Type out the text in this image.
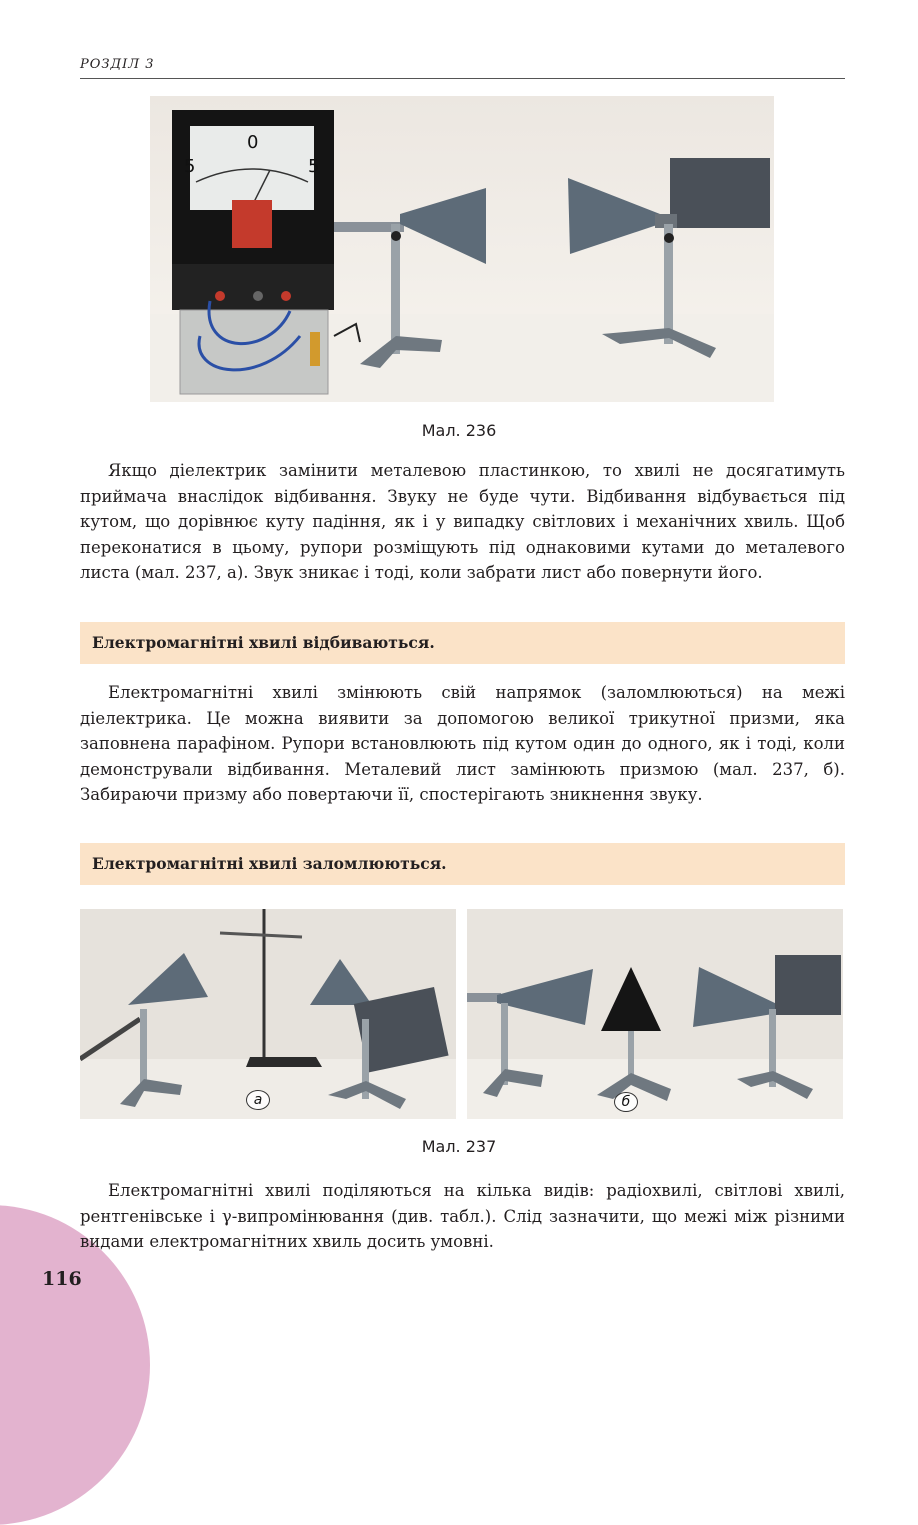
РОЗДІЛ 3
5
0
5
Мал. 236
Якщо діелектрик замінити металевою пластинкою, то хвилі не досягатимуть приймача внаслідок відбивання. Звуку не буде чути. Відбивання відбувається під кутом, що дорівнює куту падіння, як і у випадку світлових і механічних хвиль. Щоб переконатися в цьому, рупори розміщують під однаковими кутами до металевого листа (мал. 237, а). Звук зникає і тоді, коли забрати лист або повернути його.
Електромагнітні хвилі відбиваються.
Електромагнітні хвилі змінюють свій напрямок (заломлюються) на межі діелектрика. Це можна виявити за допомогою великої трикутної призми, яка заповнена парафіном. Рупори встановлюють під кутом один до одного, як і тоді, коли демонстрували відбивання. Металевий лист замінюють призмою (мал. 237, б). Забираючи призму або повертаючи її, спостерігають зникнення звуку.
Електромагнітні хвилі заломлюються.
а	б
Мал. 237
Електромагнітні хвилі поділяються на кілька видів: радіохвилі, світлові хвилі, рентгенівське і γ-випромінювання (див. табл.). Слід зазначити, що межі між різними видами електромагнітних хвиль досить умовні.
116
